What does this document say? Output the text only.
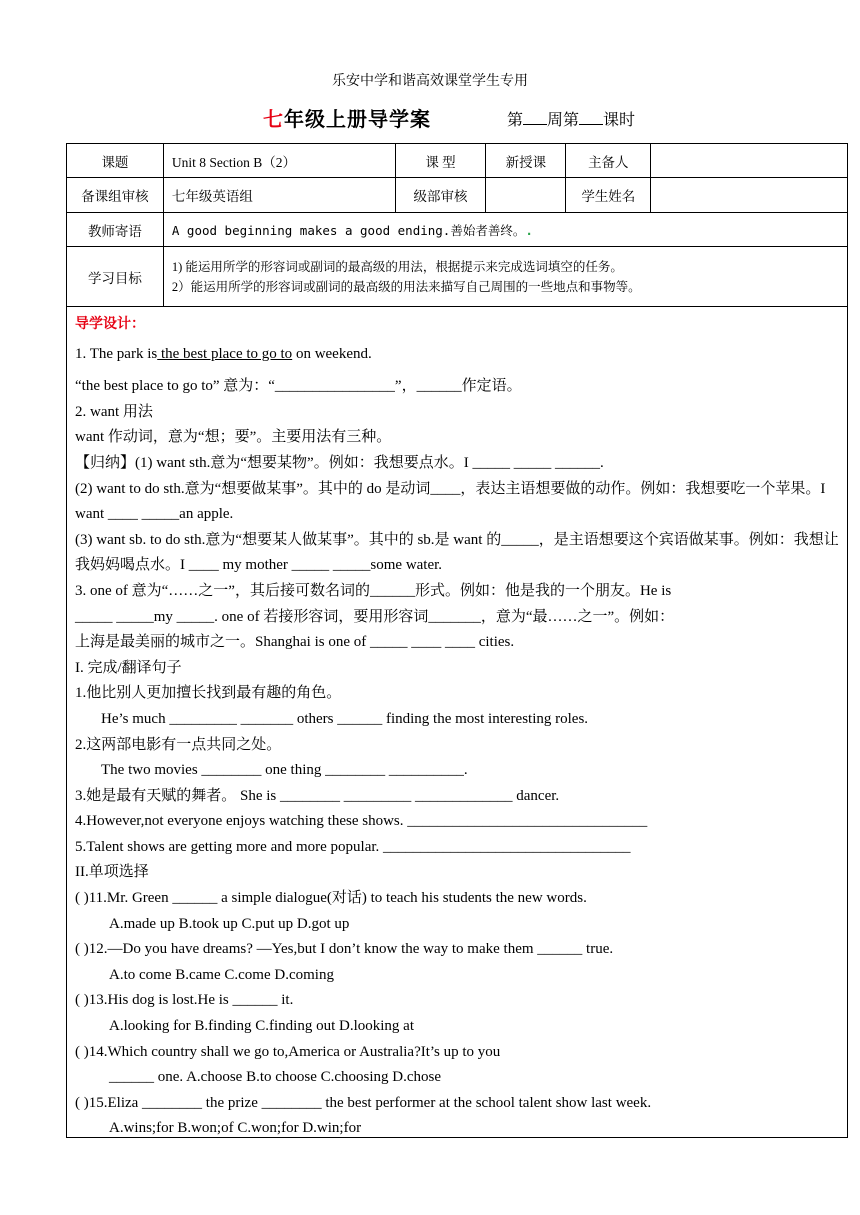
乐安中学和谐高效课堂学生专用
七年级上册导学案	第 周第 课时
课题	Unit 8 Section B（2）	课 型	新授课	主备人	
备课组审核	七年级英语组	级部审核		学生姓名	
教师寄语	A good beginning makes a good ending.善始者善终。.				
学习目标	1) 能运用所学的形容词或副词的最高级的用法，根据提示来完成选词填空的任务。
2）能运用所学的形容词或副词的最高级的用法来描写自己周围的一些地点和事物等。				

导学设计：

1. The park is the best place to go to on weekend.

“the best place to go to” 意为：“________________”，______作定语。

2. want 用法

want 作动词，意为“想；要”。主要用法有三种。

【归纳】(1) want sth.意为“想要某物”。例如：我想要点水。I _____ _____ ______.

(2) want to do sth.意为“想要做某事”。其中的 do 是动词____，表达主语想要做的动作。例如：我想要吃一个苹果。I want ____ _____an apple.

(3) want sb. to do sth.意为“想要某人做某事”。其中的 sb.是 want 的_____，是主语想要这个宾语做某事。例如：我想让我妈妈喝点水。I ____ my mother _____ _____some water.

3. one of 意为“……之一”，其后接可数名词的______形式。例如：他是我的一个朋友。He is

_____ _____my _____. one of 若接形容词，要用形容词_______，意为“最……之一”。例如：

上海是最美丽的城市之一。Shanghai is one of _____ ____ ____ cities.

I. 完成/翻译句子

1.他比别人更加擅长找到最有趣的角色。

He’s much _________ _______ others ______ finding the most interesting roles.

2.这两部电影有一点共同之处。

The two movies ________ one thing ________ __________.

3.她是最有天赋的舞者。 She is ________ _________ _____________ dancer.

4.However,not everyone enjoys watching these shows. ________________________________

5.Talent shows are getting more and more popular. _________________________________

II.单项选择

( )11.Mr. Green ______ a simple dialogue(对话) to teach his students the new words.

A.made up B.took up C.put up D.got up

( )12.—Do you have dreams? —Yes,but I don’t know the way to make them ______ true.

A.to come B.came C.come D.coming

( )13.His dog is lost.He is ______ it.

A.looking for B.finding C.finding out D.looking at

( )14.Which country shall we go to,America or Australia?It’s up to you

______ one. A.choose B.to choose C.choosing D.chose

( )15.Eliza ________ the prize ________ the best performer at the school talent show last week.

A.wins;for B.won;of C.won;for D.win;for
